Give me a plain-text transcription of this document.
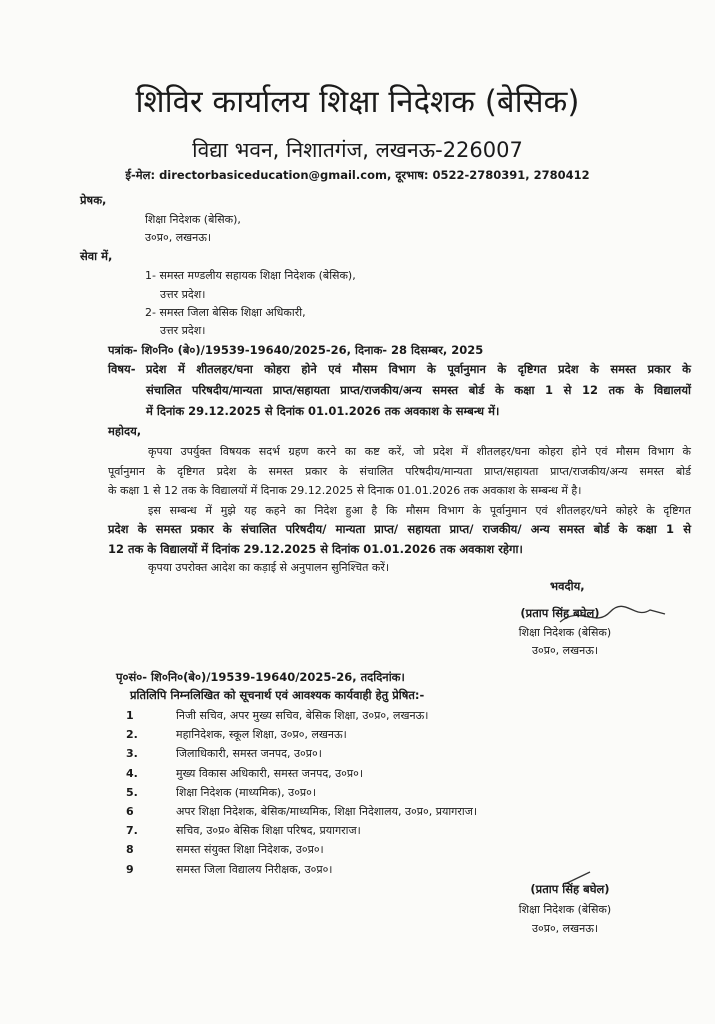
शिविर कार्यालय शिक्षा निदेशक (बेसिक)
विद्या भवन, निशातगंज, लखनऊ-226007
ई-मेल: directorbasiceducation@gmail.com, दूरभाष: 0522-2780391, 2780412
प्रेषक,
शिक्षा निदेशक (बेसिक),
उ०प्र०, लखनऊ।
सेवा में,
1- समस्त मण्डलीय सहायक शिक्षा निदेशक (बेसिक),
उत्तर प्रदेश।
2- समस्त जिला बेसिक शिक्षा अधिकारी,
उत्तर प्रदेश।
पत्रांक- शि०नि० (बे०)/19539-19640/2025-26, दिनाक- 28 दिसम्बर, 2025
विषय- प्रदेश में शीतलहर/घना कोहरा होने एवं मौसम विभाग के पूर्वानुमान के दृष्टिगत प्रदेश के समस्त प्रकार के
संचालित परिषदीय/मान्यता प्राप्त/सहायता प्राप्त/राजकीय/अन्य समस्त बोर्ड के कक्षा 1 से 12 तक के विद्यालयों
में दिनांक 29.12.2025 से दिनांक 01.01.2026 तक अवकाश के सम्बन्ध में।
महोदय,
कृपया उपर्युक्त विषयक सदर्भ ग्रहण करने का कष्ट करें, जो प्रदेश में शीतलहर/घना कोहरा होने एवं मौसम विभाग के
पूर्वानुमान के दृष्टिगत प्रदेश के समस्त प्रकार के संचालित परिषदीय/मान्यता प्राप्त/सहायता प्राप्त/राजकीय/अन्य समस्त बोर्ड
के कक्षा 1 से 12 तक के विद्यालयों में दिनाक 29.12.2025 से दिनाक 01.01.2026 तक अवकाश के सम्बन्ध में है।
इस सम्बन्ध में मुझे यह कहने का निदेश हुआ है कि मौसम विभाग के पूर्वानुमान एवं शीतलहर/घने कोहरे के दृष्टिगत
प्रदेश के समस्त प्रकार के संचालित परिषदीय/ मान्यता प्राप्त/ सहायता प्राप्त/ राजकीय/ अन्य समस्त बोर्ड के कक्षा 1 से
12 तक के विद्यालयों में दिनांक 29.12.2025 से दिनांक 01.01.2026 तक अवकाश रहेगा।
कृपया उपरोक्त आदेश का कड़ाई से अनुपालन सुनिश्चित करें।
भवदीय,
(प्रताप सिंह बघेल)
शिक्षा निदेशक (बेसिक)
उ०प्र०, लखनऊ।
पृ०सं०- शि०नि०(बे०)/19539-19640/2025-26, तददिनांक।
प्रतिलिपि निम्नलिखित को सूचनार्थ एवं आवश्यक कार्यवाही हेतु प्रेषित:-
1	निजी सचिव, अपर मुख्य सचिव, बेसिक शिक्षा, उ०प्र०, लखनऊ।
2.	महानिदेशक, स्कूल शिक्षा, उ०प्र०, लखनऊ।
3.	जिलाधिकारी, समस्त जनपद, उ०प्र०।
4.	मुख्य विकास अधिकारी, समस्त जनपद, उ०प्र०।
5.	शिक्षा निदेशक (माध्यमिक), उ०प्र०।
6	अपर शिक्षा निदेशक, बेसिक/माध्यमिक, शिक्षा निदेशालय, उ०प्र०, प्रयागराज।
7.	सचिव, उ०प्र० बेसिक शिक्षा परिषद, प्रयागराज।
8	समस्त संयुक्त शिक्षा निदेशक, उ०प्र०।
9	समस्त जिला विद्यालय निरीक्षक, उ०प्र०।
(प्रताप सिंह बघेल)
शिक्षा निदेशक (बेसिक)
उ०प्र०, लखनऊ।
